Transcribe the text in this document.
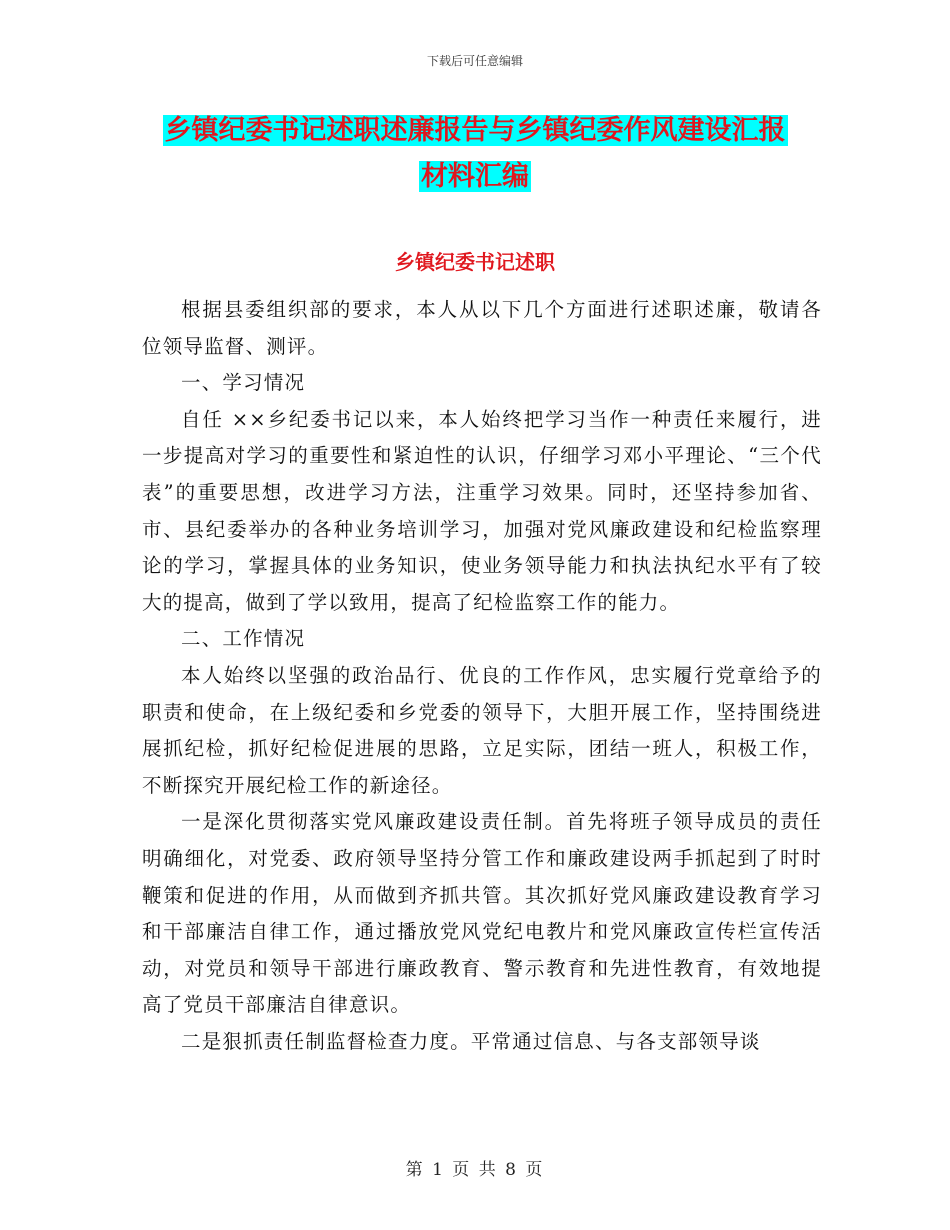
下载后可任意编辑
乡镇纪委书记述职述廉报告与乡镇纪委作风建设汇报
材料汇编
乡镇纪委书记述职

根据县委组织部的要求，本人从以下几个方面进行述职述廉，敬请各位领导监督、测评。

一、学习情况

自任 ××乡纪委书记以来，本人始终把学习当作一种责任来履行，进一步提高对学习的重要性和紧迫性的认识，仔细学习邓小平理论、“三个代表”的重要思想，改进学习方法，注重学习效果。同时，还坚持参加省、市、县纪委举办的各种业务培训学习，加强对党风廉政建设和纪检监察理论的学习，掌握具体的业务知识，使业务领导能力和执法执纪水平有了较大的提高，做到了学以致用，提高了纪检监察工作的能力。

二、工作情况

本人始终以坚强的政治品行、优良的工作作风，忠实履行党章给予的职责和使命，在上级纪委和乡党委的领导下，大胆开展工作，坚持围绕进展抓纪检，抓好纪检促进展的思路，立足实际，团结一班人，积极工作，不断探究开展纪检工作的新途径。

一是深化贯彻落实党风廉政建设责任制。首先将班子领导成员的责任明确细化，对党委、政府领导坚持分管工作和廉政建设两手抓起到了时时鞭策和促进的作用，从而做到齐抓共管。其次抓好党风廉政建设教育学习和干部廉洁自律工作，通过播放党风党纪电教片和党风廉政宣传栏宣传活动，对党员和领导干部进行廉政教育、警示教育和先进性教育，有效地提高了党员干部廉洁自律意识。

二是狠抓责任制监督检查力度。平常通过信息、与各支部领导谈

第 1 页 共 8 页
